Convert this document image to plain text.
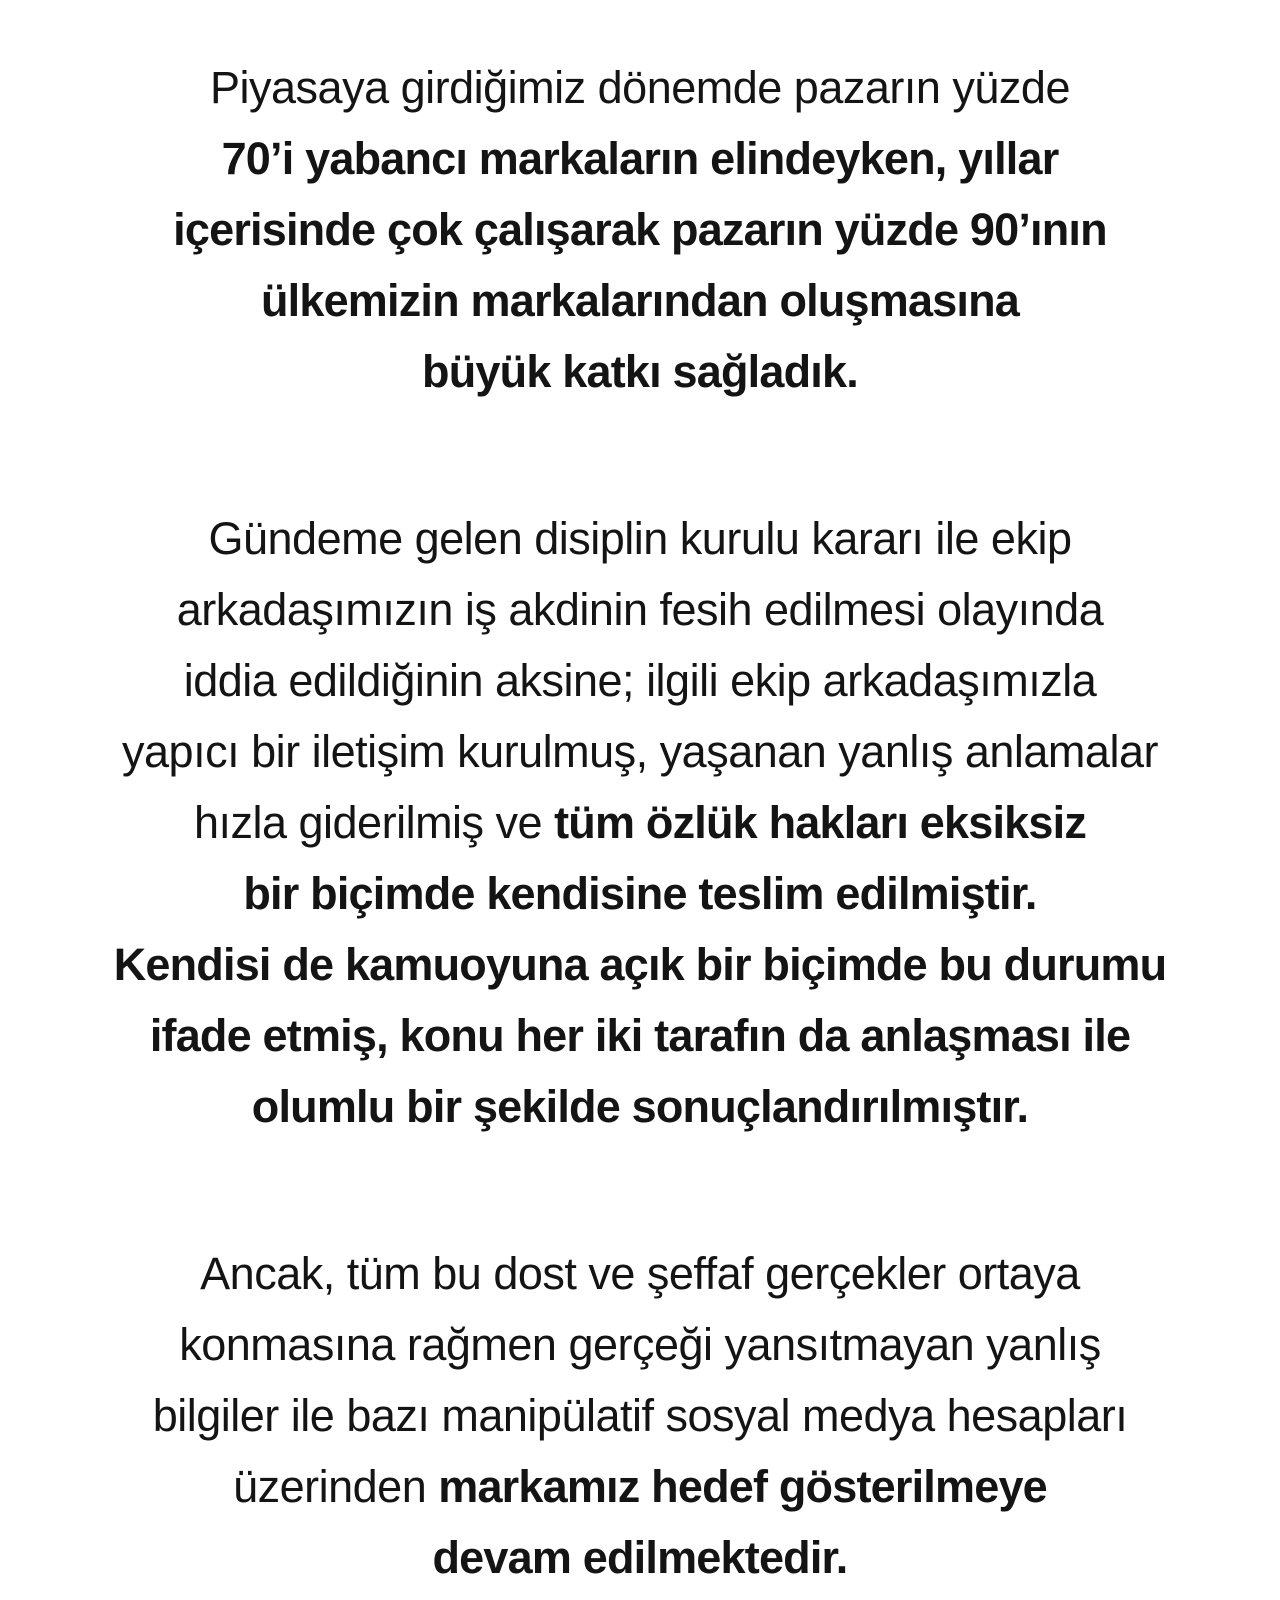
Piyasaya girdiğimiz dönemde pazarın yüzde
70’i yabancı markaların elindeyken, yıllar
içerisinde çok çalışarak pazarın yüzde 90’ının
ülkemizin markalarından oluşmasına
büyük katkı sağladık.
Gündeme gelen disiplin kurulu kararı ile ekip
arkadaşımızın iş akdinin fesih edilmesi olayında
iddia edildiğinin aksine; ilgili ekip arkadaşımızla
yapıcı bir iletişim kurulmuş, yaşanan yanlış anlamalar
hızla giderilmiş ve tüm özlük hakları eksiksiz
bir biçimde kendisine teslim edilmiştir.
Kendisi de kamuoyuna açık bir biçimde bu durumu
ifade etmiş, konu her iki tarafın da anlaşması ile
olumlu bir şekilde sonuçlandırılmıştır.
Ancak, tüm bu dost ve şeffaf gerçekler ortaya
konmasına rağmen gerçeği yansıtmayan yanlış
bilgiler ile bazı manipülatif sosyal medya hesapları
üzerinden markamız hedef gösterilmeye
devam edilmektedir.
